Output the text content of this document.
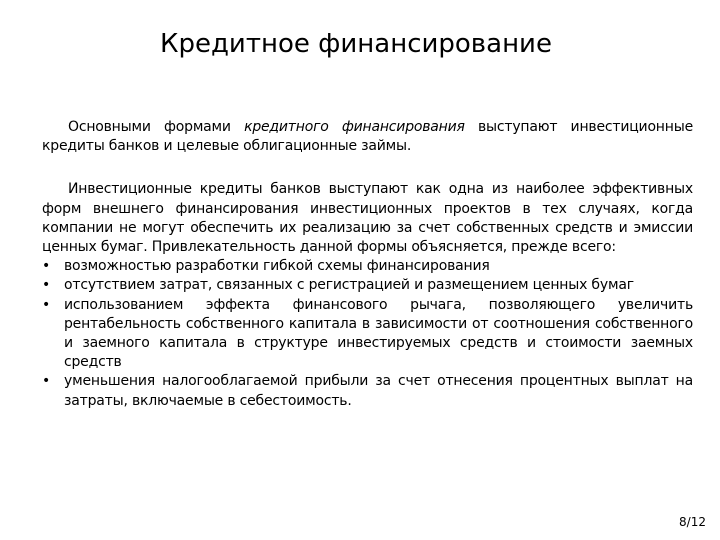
Кредитное финансирование

Основными формами кредитного финансирования выступают инвестиционные кредиты банков и целевые облигационные займы.

Инвестиционные кредиты банков выступают как одна из наиболее эффективных форм внешнего финансирования инвестиционных проектов в тех случаях, когда компании не могут обеспечить их реализацию за счет собственных средств и эмиссии ценных бумаг. Привлекательность данной формы объясняется, прежде всего:

• возможностью разработки гибкой схемы финансирования
• отсутствием затрат, связанных с регистрацией и размещением ценных бумаг
• использованием эффекта финансового рычага, позволяющего увеличить рентабельность собственного капитала в зависимости от соотношения собственного и заемного капитала в структуре инвестируемых средств и стоимости заемных средств
• уменьшения налогооблагаемой прибыли за счет отнесения процентных выплат на затраты, включаемые в себестоимость.
8/12
